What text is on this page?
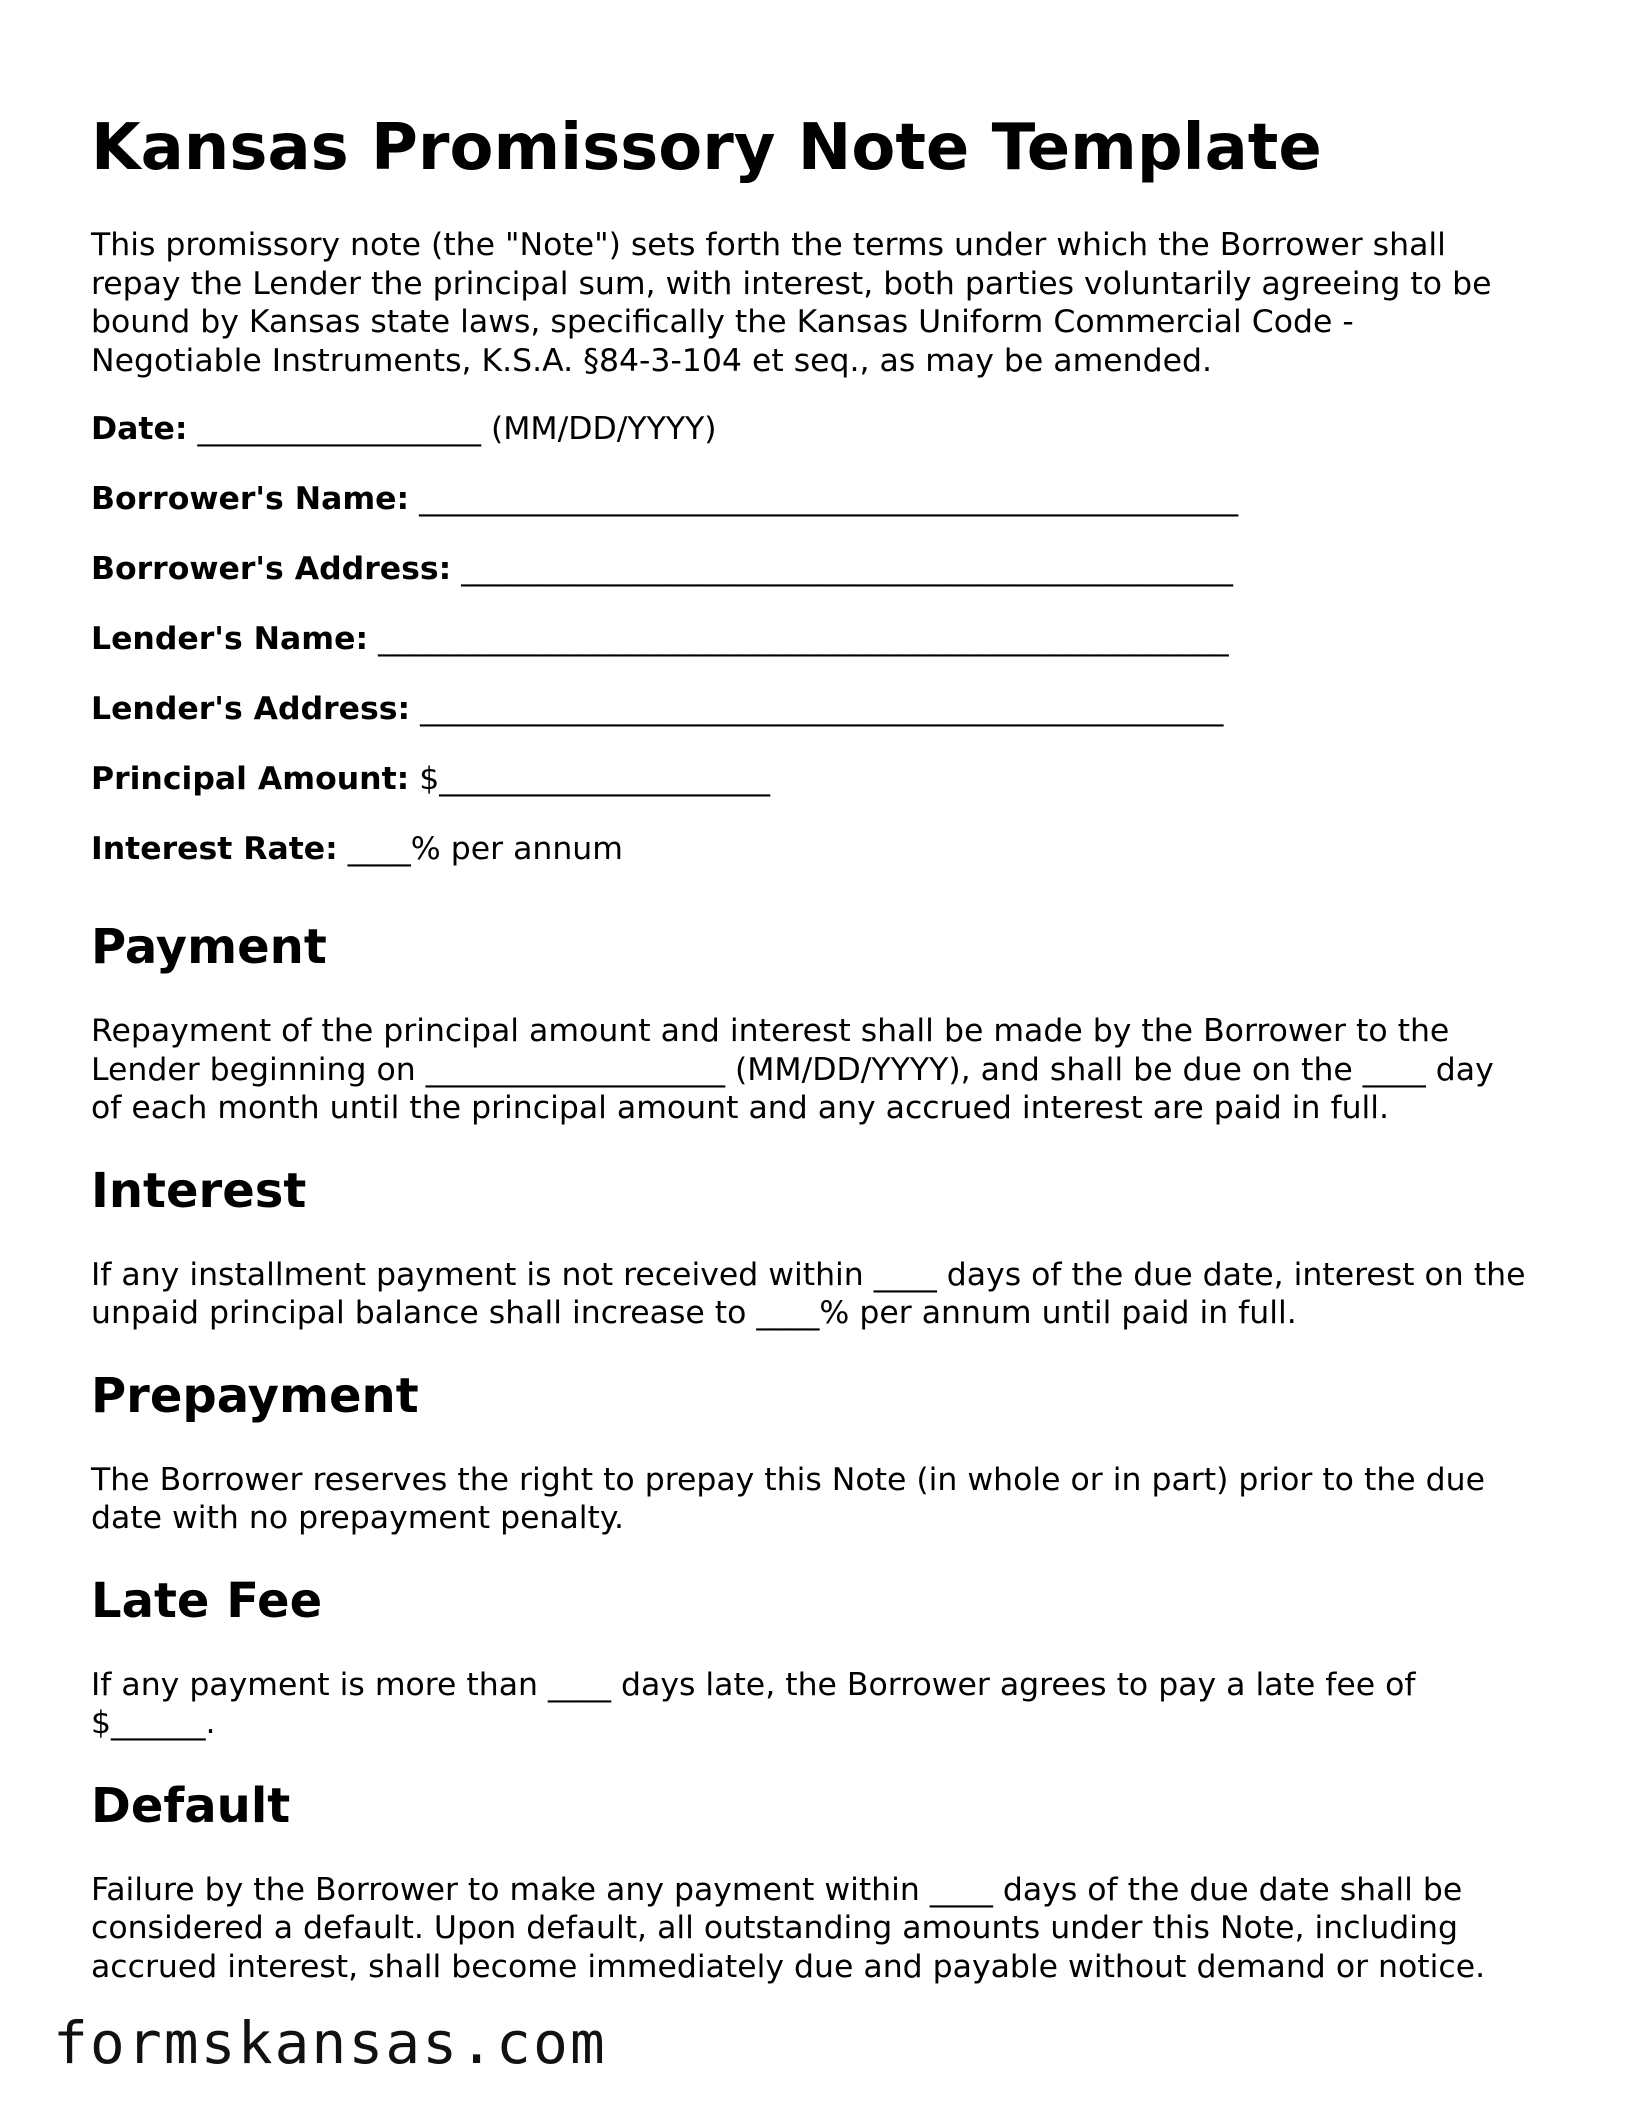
Kansas Promissory Note Template

This promissory note (the "Note") sets forth the terms under which the Borrower shall
repay the Lender the principal sum, with interest, both parties voluntarily agreeing to be
bound by Kansas state laws, specifically the Kansas Uniform Commercial Code -
Negotiable Instruments, K.S.A. §84-3-104 et seq., as may be amended.

Date: __________________ (MM/DD/YYYY)
Borrower's Name: ____________________________________________________
Borrower's Address: _________________________________________________
Lender's Name: ______________________________________________________
Lender's Address: ___________________________________________________
Principal Amount: $_____________________
Interest Rate: ____% per annum
Payment

Repayment of the principal amount and interest shall be made by the Borrower to the
Lender beginning on ___________________ (MM/DD/YYYY), and shall be due on the ____ day
of each month until the principal amount and any accrued interest are paid in full.

Interest

If any installment payment is not received within ____ days of the due date, interest on the
unpaid principal balance shall increase to ____% per annum until paid in full.

Prepayment

The Borrower reserves the right to prepay this Note (in whole or in part) prior to the due
date with no prepayment penalty.

Late Fee

If any payment is more than ____ days late, the Borrower agrees to pay a late fee of
$______.

Default

Failure by the Borrower to make any payment within ____ days of the due date shall be
considered a default. Upon default, all outstanding amounts under this Note, including
accrued interest, shall become immediately due and payable without demand or notice.

formskansas.com
